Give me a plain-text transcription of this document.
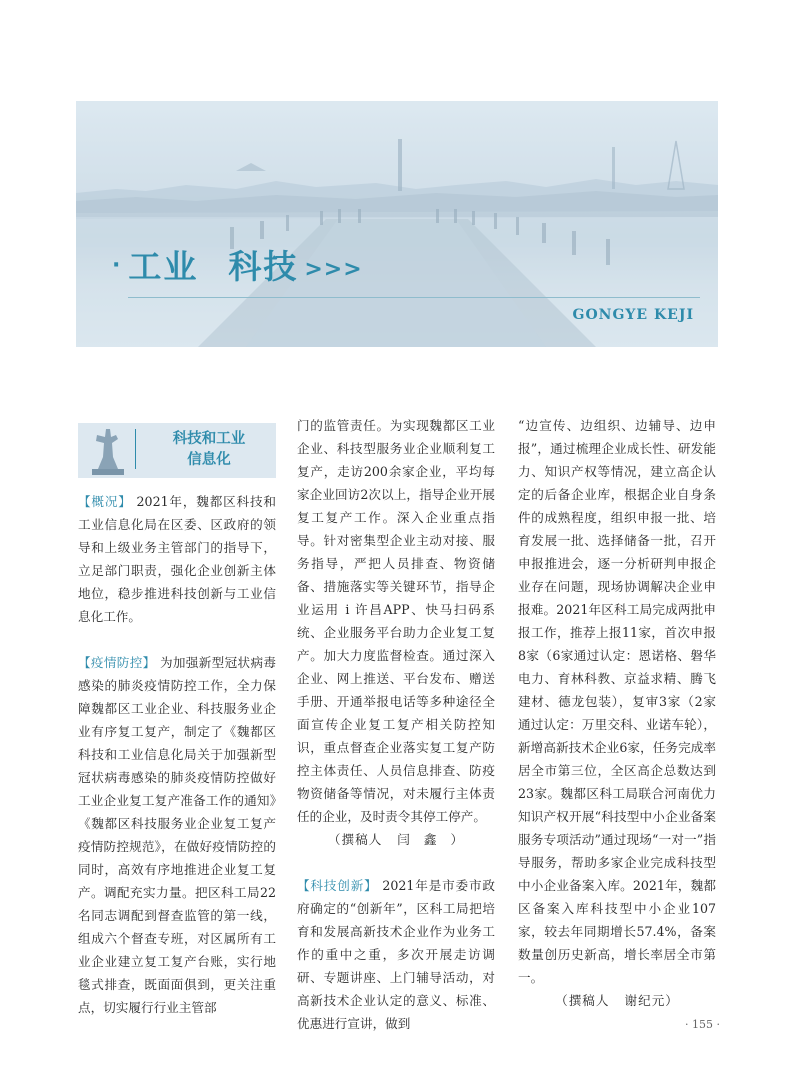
· 工业 科技 >>>

GONGYE KEJI

科技和工业
信息化

【概况】 2021年，魏都区科技和工业信息化局在区委、区政府的领导和上级业务主管部门的指导下，立足部门职责，强化企业创新主体地位，稳步推进科技创新与工业信息化工作。

【疫情防控】 为加强新型冠状病毒感染的肺炎疫情防控工作，全力保障魏都区工业企业、科技服务业企业有序复工复产，制定了《魏都区科技和工业信息化局关于加强新型冠状病毒感染的肺炎疫情防控做好工业企业复工复产准备工作的通知》《魏都区科技服务业企业复工复产疫情防控规范》，在做好疫情防控的同时，高效有序地推进企业复工复产。调配充实力量。把区科工局22名同志调配到督查监管的第一线，组成六个督查专班，对区属所有工业企业建立复工复产台账，实行地毯式排查，既面面俱到，更关注重点，切实履行行业主管部

门的监管责任。为实现魏都区工业企业、科技型服务业企业顺利复工复产，走访200余家企业，平均每家企业回访2次以上，指导企业开展复工复产工作。深入企业重点指导。针对密集型企业主动对接、服务指导，严把人员排查、物资储备、措施落实等关键环节，指导企业运用 i 许昌APP、快马扫码系统、企业服务平台助力企业复工复产。加大力度监督检查。通过深入企业、网上推送、平台发布、赠送手册、开通举报电话等多种途径全面宣传企业复工复产相关防控知识，重点督查企业落实复工复产防控主体责任、人员信息排查、防疫物资储备等情况，对未履行主体责任的企业，及时责令其停工停产。

（撰稿人 闫鑫）

【科技创新】 2021年是市委市政府确定的“创新年”，区科工局把培育和发展高新技术企业作为业务工作的重中之重，多次开展走访调研、专题讲座、上门辅导活动，对高新技术企业认定的意义、标准、优惠进行宣讲，做到

“边宣传、边组织、边辅导、边申报”，通过梳理企业成长性、研发能力、知识产权等情况，建立高企认定的后备企业库，根据企业自身条件的成熟程度，组织申报一批、培育发展一批、选择储备一批，召开申报推进会，逐一分析研判申报企业存在问题，现场协调解决企业申报难。2021年区科工局完成两批申报工作，推荐上报11家，首次申报8家（6家通过认定：恩诺格、磐华电力、育林科教、京益求精、腾飞建材、德龙包装），复审3家（2家通过认定：万里交科、业诺车轮），新增高新技术企业6家，任务完成率居全市第三位，全区高企总数达到23家。魏都区科工局联合河南优力知识产权开展“科技型中小企业备案服务专项活动”通过现场“一对一”指导服务，帮助多家企业完成科技型中小企业备案入库。2021年，魏都区备案入库科技型中小企业107家，较去年同期增长57.4%，备案数量创历史新高，增长率居全市第一。

（撰稿人 谢纪元）

· 155 ·
